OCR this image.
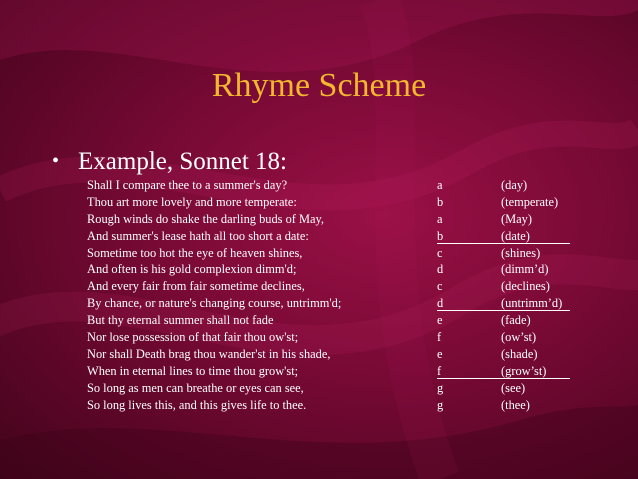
Rhyme Scheme
• Example, Sonnet 18:
Shall I compare thee to a summer's day?	a	(day)
Thou art more lovely and more temperate:	b	(temperate)
Rough winds do shake the darling buds of May,	a	(May)
And summer's lease hath all too short a date:	b	(date)
Sometime too hot the eye of heaven shines,	c	(shines)
And often is his gold complexion dimm'd;	d	(dimm’d)
And every fair from fair sometime declines,	c	(declines)
By chance, or nature's changing course, untrimm'd;	d	(untrimm’d)
But thy eternal summer shall not fade	e	(fade)
Nor lose possession of that fair thou ow'st;	f	(ow’st)
Nor shall Death brag thou wander'st in his shade,	e	(shade)
When in eternal lines to time thou grow'st;	f	(grow’st)
So long as men can breathe or eyes can see,	g	(see)
So long lives this, and this gives life to thee.	g	(thee)
